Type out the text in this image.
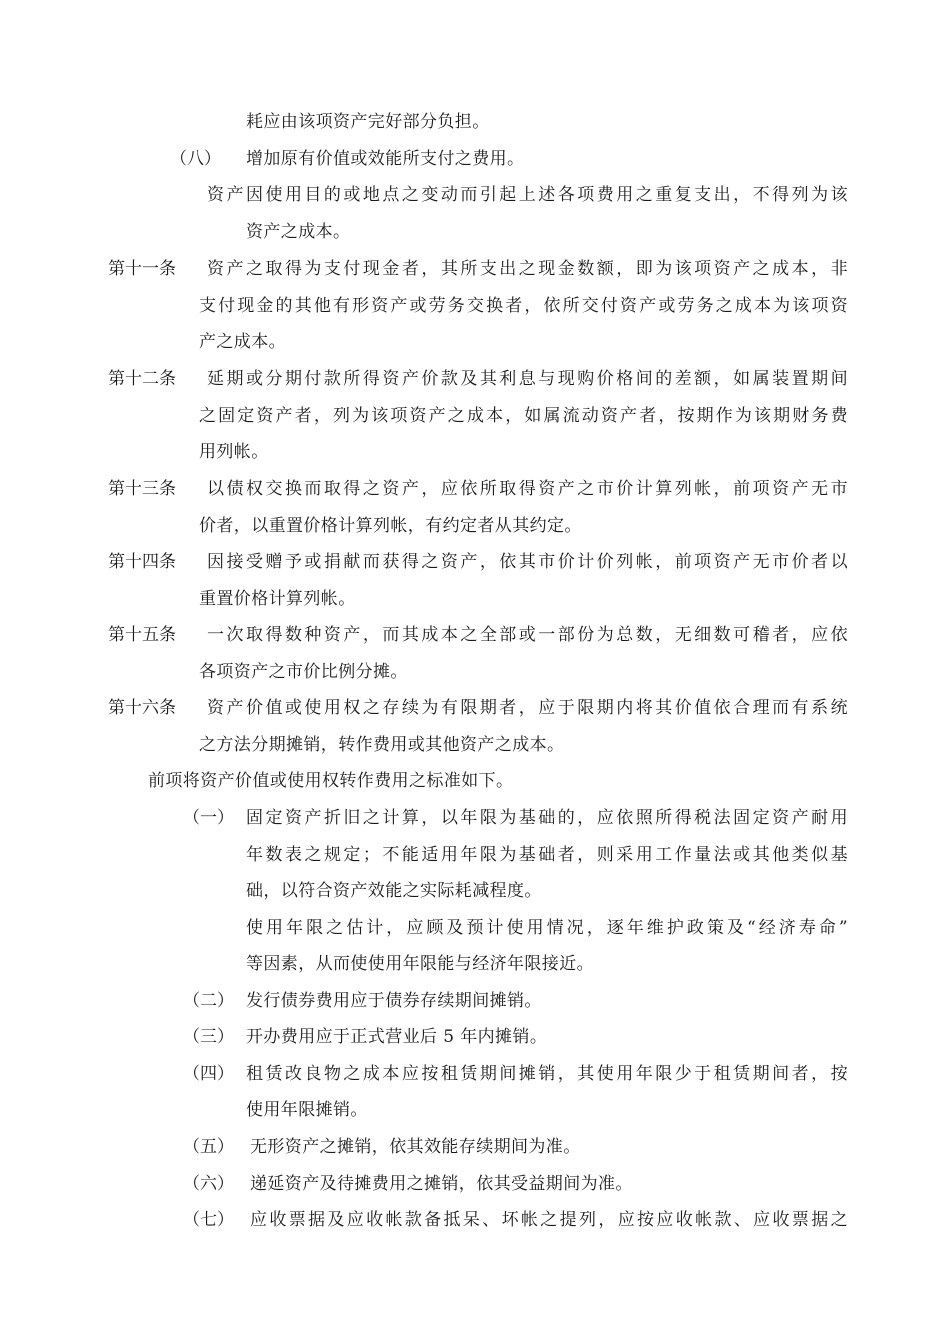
耗应由该项资产完好部分负担。
（八） 增加原有价值或效能所支付之费用。
资产因使用目的或地点之变动而引起上述各项费用之重复支出，不得列为该
资产之成本。
第十一条 资产之取得为支付现金者，其所支出之现金数额，即为该项资产之成本，非
支付现金的其他有形资产或劳务交换者，依所交付资产或劳务之成本为该项资
产之成本。
第十二条 延期或分期付款所得资产价款及其利息与现购价格间的差额，如属装置期间
之固定资产者，列为该项资产之成本，如属流动资产者，按期作为该期财务费
用列帐。
第十三条 以债权交换而取得之资产，应依所取得资产之市价计算列帐，前项资产无市
价者，以重置价格计算列帐，有约定者从其约定。
第十四条 因接受赠予或捐献而获得之资产，依其市价计价列帐，前项资产无市价者以
重置价格计算列帐。
第十五条 一次取得数种资产，而其成本之全部或一部份为总数，无细数可稽者，应依
各项资产之市价比例分摊。
第十六条 资产价值或使用权之存续为有限期者，应于限期内将其价值依合理而有系统
之方法分期摊销，转作费用或其他资产之成本。
前项将资产价值或使用权转作费用之标准如下。
（一） 固定资产折旧之计算，以年限为基础的，应依照所得税法固定资产耐用
年数表之规定；不能适用年限为基础者，则采用工作量法或其他类似基
础，以符合资产效能之实际耗减程度。
使用年限之估计，应顾及预计使用情况，逐年维护政策及“经济寿命”
等因素，从而使使用年限能与经济年限接近。
（二） 发行债券费用应于债券存续期间摊销。
（三） 开办费用应于正式营业后 5 年内摊销。
（四） 租赁改良物之成本应按租赁期间摊销，其使用年限少于租赁期间者，按
使用年限摊销。
（五） 无形资产之摊销，依其效能存续期间为准。
（六） 递延资产及待摊费用之摊销，依其受益期间为准。
（七） 应收票据及应收帐款备抵呆、坏帐之提列，应按应收帐款、应收票据之
